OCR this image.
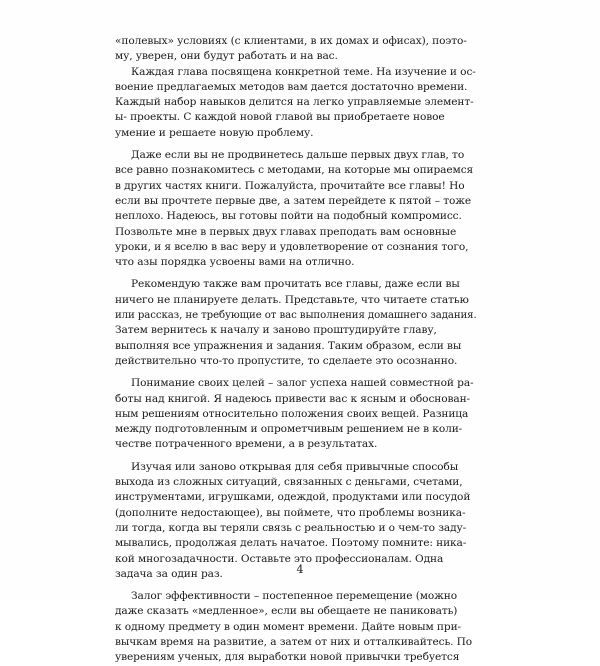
«полевых» условиях (с клиентами, в их домах и офисах), поэто-
му, уверен, они будут работать и на вас.

Каждая глава посвящена конкретной теме. На изучение и ос-
воение предлагаемых методов вам дается достаточно времени.
Каждый набор навыков делится на легко управляемые элемент-
ы- проекты. С каждой новой главой вы приобретаете новое
умение и решаете новую проблему.

Даже если вы не продвинетесь дальше первых двух глав, то
все равно познакомитесь с методами, на которые мы опираемся
в других частях книги. Пожалуйста, прочитайте все главы! Но
если вы прочтете первые две, а затем перейдете к пятой – тоже
неплохо. Надеюсь, вы готовы пойти на подобный компромисс.
Позвольте мне в первых двух главах преподать вам основные
уроки, и я вселю в вас веру и удовлетворение от сознания того,
что азы порядка усвоены вами на отлично.

Рекомендую также вам прочитать все главы, даже если вы
ничего не планируете делать. Представьте, что читаете статью
или рассказ, не требующие от вас выполнения домашнего задания.
Затем вернитесь к началу и заново проштудируйте главу,
выполняя все упражнения и задания. Таким образом, если вы
действительно что-то пропустите, то сделаете это осознанно.

Понимание своих целей – залог успеха нашей совместной ра-
боты над книгой. Я надеюсь привести вас к ясным и обоснован-
ным решениям относительно положения своих вещей. Разница
между подготовленным и опрометчивым решением не в коли-
честве потраченного времени, а в результатах.

Изучая или заново открывая для себя привычные способы
выхода из сложных ситуаций, связанных с деньгами, счетами,
инструментами, игрушками, одеждой, продуктами или посудой
(дополните недостающее), вы поймете, что проблемы возника-
ли тогда, когда вы теряли связь с реальностью и о чем-то заду-
мывались, продолжая делать начатое. Поэтому помните: ника-
кой многозадачности. Оставьте это профессионалам. Одна
задача за один раз.

Залог эффективности – постепенное перемещение (можно
даже сказать «медленное», если вы обещаете не паниковать)
к одному предмету в один момент времени. Дайте новым при-
вычкам время на развитие, а затем от них и отталкивайтесь. По
уверениям ученых, для выработки новой привычки требуется

4
